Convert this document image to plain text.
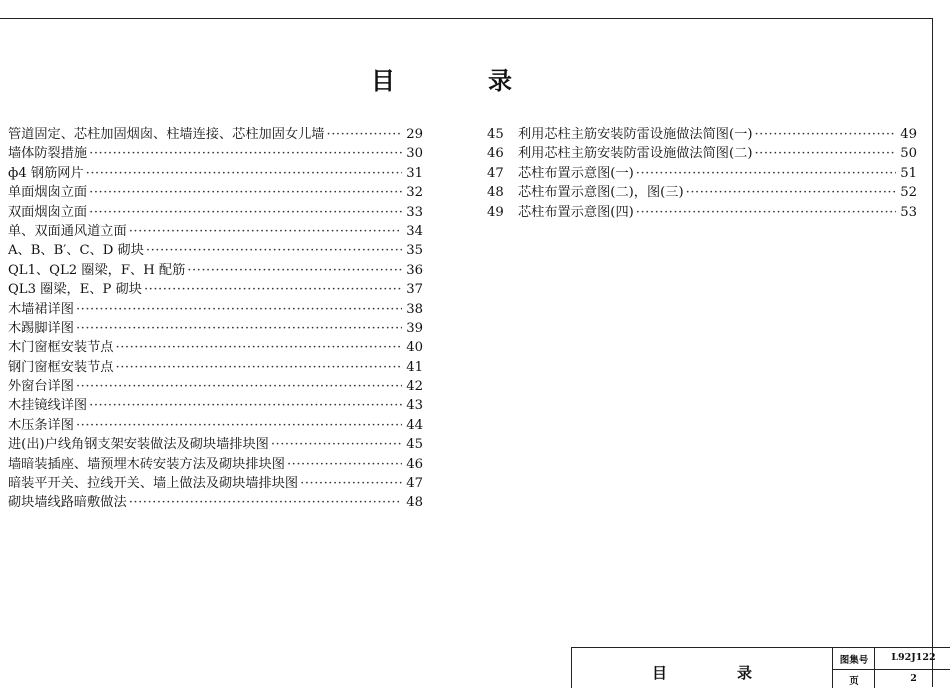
目	录
管道固定、芯柱加固烟囱、柱墙连接、芯柱加固女儿墙 ·····	29
墙体防裂措施 ·····	30
ф4 钢筋网片 ·····	31
单面烟囱立面 ·····	32
双面烟囱立面 ·····	33
单、双面通风道立面 ·····	34
A、B、B′、C、D 砌块 ·····	35
QL1、QL2 圈梁，F、H 配筋 ·····	36
QL3 圈梁，E、P 砌块 ·····	37
木墙裙详图 ·····	38
木踢脚详图 ·····	39
木门窗框安装节点 ·····	40
钢门窗框安装节点 ·····	41
外窗台详图 ·····	42
木挂镜线详图 ·····	43
木压条详图 ·····	44
进(出)户线角钢支架安装做法及砌块墙排块图 ·····	45
墙暗装插座、墙预埋木砖安装方法及砌块排块图 ·····	46
暗装平开关、拉线开关、墙上做法及砌块墙排块图 ·····	47
砌块墙线路暗敷做法 ·····	48
45	利用芯柱主筋安装防雷设施做法简图(一) ·····	49
46	利用芯柱主筋安装防雷设施做法简图(二) ·····	50
47	芯柱布置示意图(一) ·····	51
48	芯柱布置示意图(二)，图(三) ·····	52
49	芯柱布置示意图(四) ·····	53
目	录
图集号	L92J122
页	2
